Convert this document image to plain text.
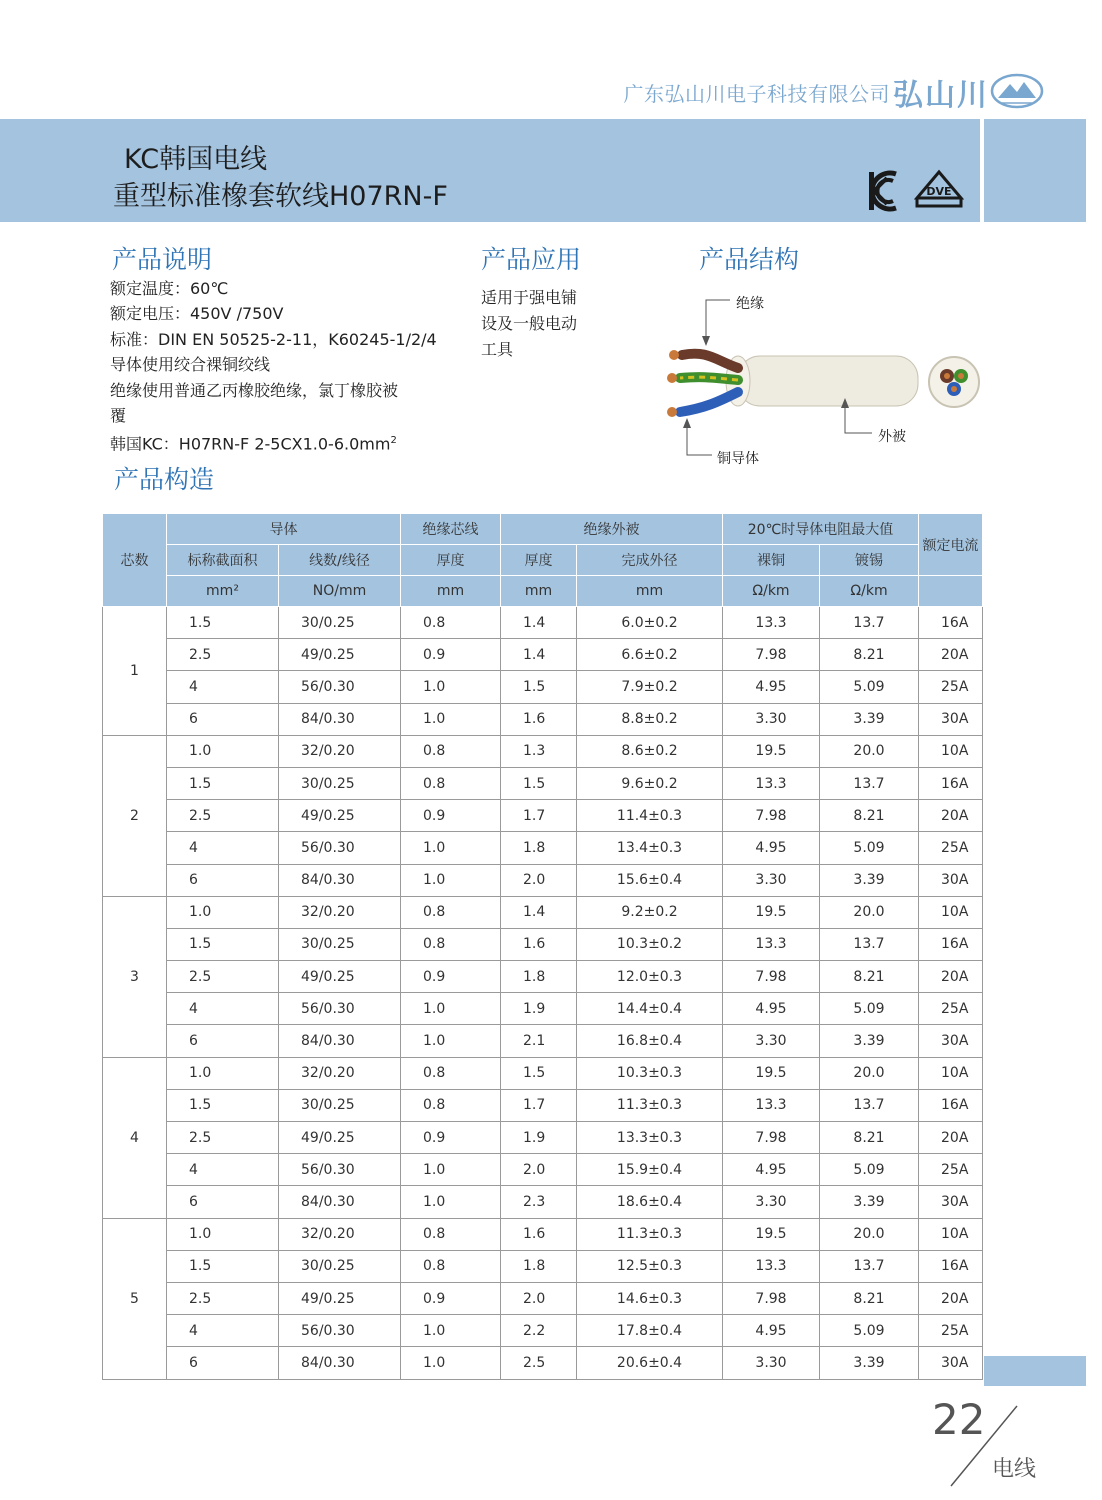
广东弘山川电子科技有限公司 弘山川
KC韩国电线
重型标准橡套软线H07RN-F	DVE
产品说明	产品应用	产品结构
产品构造
额定温度：60℃
额定电压：450V /750V
标准：DIN EN 50525-2-11，K60245-1/2/4
导体使用绞合裸铜绞线
绝缘使用普通乙丙橡胶绝缘，氯丁橡胶被
覆
韩国KC：H07RN-F $2-5CX1.0-6.0mm^2$
适用于强电铺
设及一般电动
工具
绝缘
外被
铜导体
芯数	导体		绝缘芯线	绝缘外被		20℃时导体电阻最大值		额定电流
	标称截面积	线数/线径	厚度	厚度	完成外径	裸铜	镀锡	
	mm²	NO/mm	mm	mm	mm	Ω/km	Ω/km	
1	1.5	30/0.25	0.8	1.4	6.0±0.2	13.3	13.7	16A
	2.5	49/0.25	0.9	1.4	6.6±0.2	7.98	8.21	20A
	4	56/0.30	1.0	1.5	7.9±0.2	4.95	5.09	25A
	6	84/0.30	1.0	1.6	8.8±0.2	3.30	3.39	30A
2	1.0	32/0.20	0.8	1.3	8.6±0.2	19.5	20.0	10A
	1.5	30/0.25	0.8	1.5	9.6±0.2	13.3	13.7	16A
	2.5	49/0.25	0.9	1.7	11.4±0.3	7.98	8.21	20A
	4	56/0.30	1.0	1.8	13.4±0.3	4.95	5.09	25A
	6	84/0.30	1.0	2.0	15.6±0.4	3.30	3.39	30A
3	1.0	32/0.20	0.8	1.4	9.2±0.2	19.5	20.0	10A
	1.5	30/0.25	0.8	1.6	10.3±0.2	13.3	13.7	16A
	2.5	49/0.25	0.9	1.8	12.0±0.3	7.98	8.21	20A
	4	56/0.30	1.0	1.9	14.4±0.4	4.95	5.09	25A
	6	84/0.30	1.0	2.1	16.8±0.4	3.30	3.39	30A
4	1.0	32/0.20	0.8	1.5	10.3±0.3	19.5	20.0	10A
	1.5	30/0.25	0.8	1.7	11.3±0.3	13.3	13.7	16A
	2.5	49/0.25	0.9	1.9	13.3±0.3	7.98	8.21	20A
	4	56/0.30	1.0	2.0	15.9±0.4	4.95	5.09	25A
	6	84/0.30	1.0	2.3	18.6±0.4	3.30	3.39	30A
5	1.0	32/0.20	0.8	1.6	11.3±0.3	19.5	20.0	10A
	1.5	30/0.25	0.8	1.8	12.5±0.3	13.3	13.7	16A
	2.5	49/0.25	0.9	2.0	14.6±0.3	7.98	8.21	20A
	4	56/0.30	1.0	2.2	17.8±0.4	4.95	5.09	25A
	6	84/0.30	1.0	2.5	20.6±0.4	3.30	3.39	30A
22
电线
